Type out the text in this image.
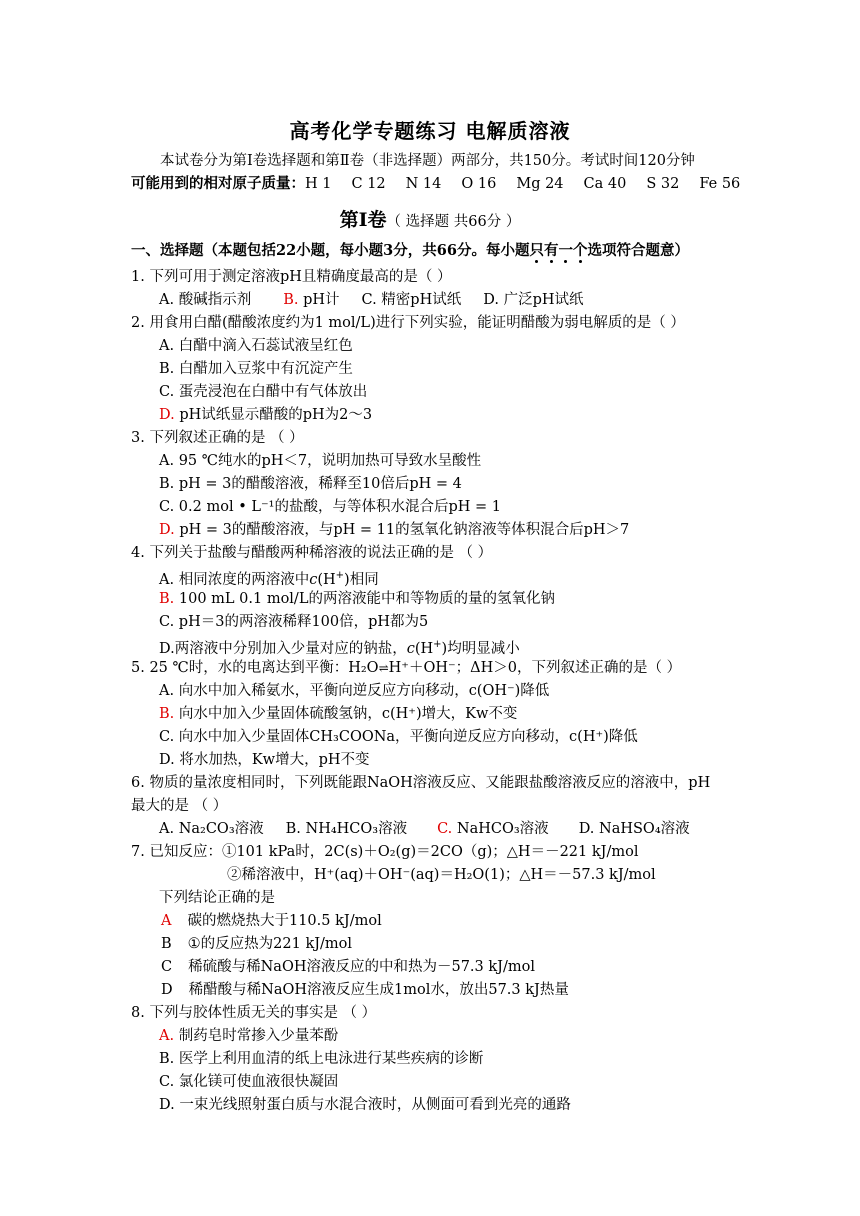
高考化学专题练习 电解质溶液
本试卷分为第Ⅰ卷选择题和第Ⅱ卷（非选择题）两部分，共150分。考试时间120分钟
可能用到的相对原子质量：H 1 C 12 N 14 O 16 Mg 24 Ca 40 S 32 Fe 56
第Ⅰ卷（ 选择题 共66分 ）
一、选择题（本题包括22小题，每小题3分，共66分。每小题只有一个选项符合题意）
1. 下列可用于测定溶液pH且精确度最高的是（ ）
A. 酸碱指示剂 B. pH计 C. 精密pH试纸 D. 广泛pH试纸
2. 用食用白醋(醋酸浓度约为1 mol/L)进行下列实验，能证明醋酸为弱电解质的是（ ）
A. 白醋中滴入石蕊试液呈红色
B. 白醋加入豆浆中有沉淀产生
C. 蛋壳浸泡在白醋中有气体放出
D. pH试纸显示醋酸的pH为2～3
3. 下列叙述正确的是 （ ）
A. 95 ℃纯水的pH＜7，说明加热可导致水呈酸性
B. pH = 3的醋酸溶液，稀释至10倍后pH = 4
C. 0.2 mol • L⁻¹的盐酸，与等体积水混合后pH = 1
D. pH = 3的醋酸溶液，与pH = 11的氢氧化钠溶液等体积混合后pH＞7
4. 下列关于盐酸与醋酸两种稀溶液的说法正确的是 （ ）
A. 相同浓度的两溶液中c(H+)相同
B. 100 mL 0.1 mol/L的两溶液能中和等物质的量的氢氧化钠
C. pH＝3的两溶液稀释100倍，pH都为5
D.两溶液中分别加入少量对应的钠盐，c(H+)均明显减小
5. 25 ℃时，水的电离达到平衡：H₂O⇌H⁺＋OH⁻；ΔH＞0，下列叙述正确的是（ ）
A. 向水中加入稀氨水，平衡向逆反应方向移动，c(OH⁻)降低
B. 向水中加入少量固体硫酸氢钠，c(H⁺)增大，Kw不变
C. 向水中加入少量固体CH₃COONa，平衡向逆反应方向移动，c(H⁺)降低
D. 将水加热，Kw增大，pH不变
6. 物质的量浓度相同时，下列既能跟NaOH溶液反应、又能跟盐酸溶液反应的溶液中，pH
最大的是 （ ）
A. Na₂CO₃溶液 B. NH₄HCO₃溶液 C. NaHCO₃溶液 D. NaHSO₄溶液
7. 已知反应：①101 kPa时，2C(s)＋O₂(g)＝2CO（g)；△H＝－221 kJ/mol
②稀溶液中，H⁺(aq)＋OH⁻(aq)＝H₂O(1)；△H＝－57.3 kJ/mol
下列结论正确的是
A 碳的燃烧热大于110.5 kJ/mol
B ①的反应热为221 kJ/mol
C 稀硫酸与稀NaOH溶液反应的中和热为－57.3 kJ/mol
D 稀醋酸与稀NaOH溶液反应生成1mol水，放出57.3 kJ热量
8. 下列与胶体性质无关的事实是 （ ）
A. 制药皂时常掺入少量苯酚
B. 医学上利用血清的纸上电泳进行某些疾病的诊断
C. 氯化镁可使血液很快凝固
D. 一束光线照射蛋白质与水混合液时，从侧面可看到光亮的通路
